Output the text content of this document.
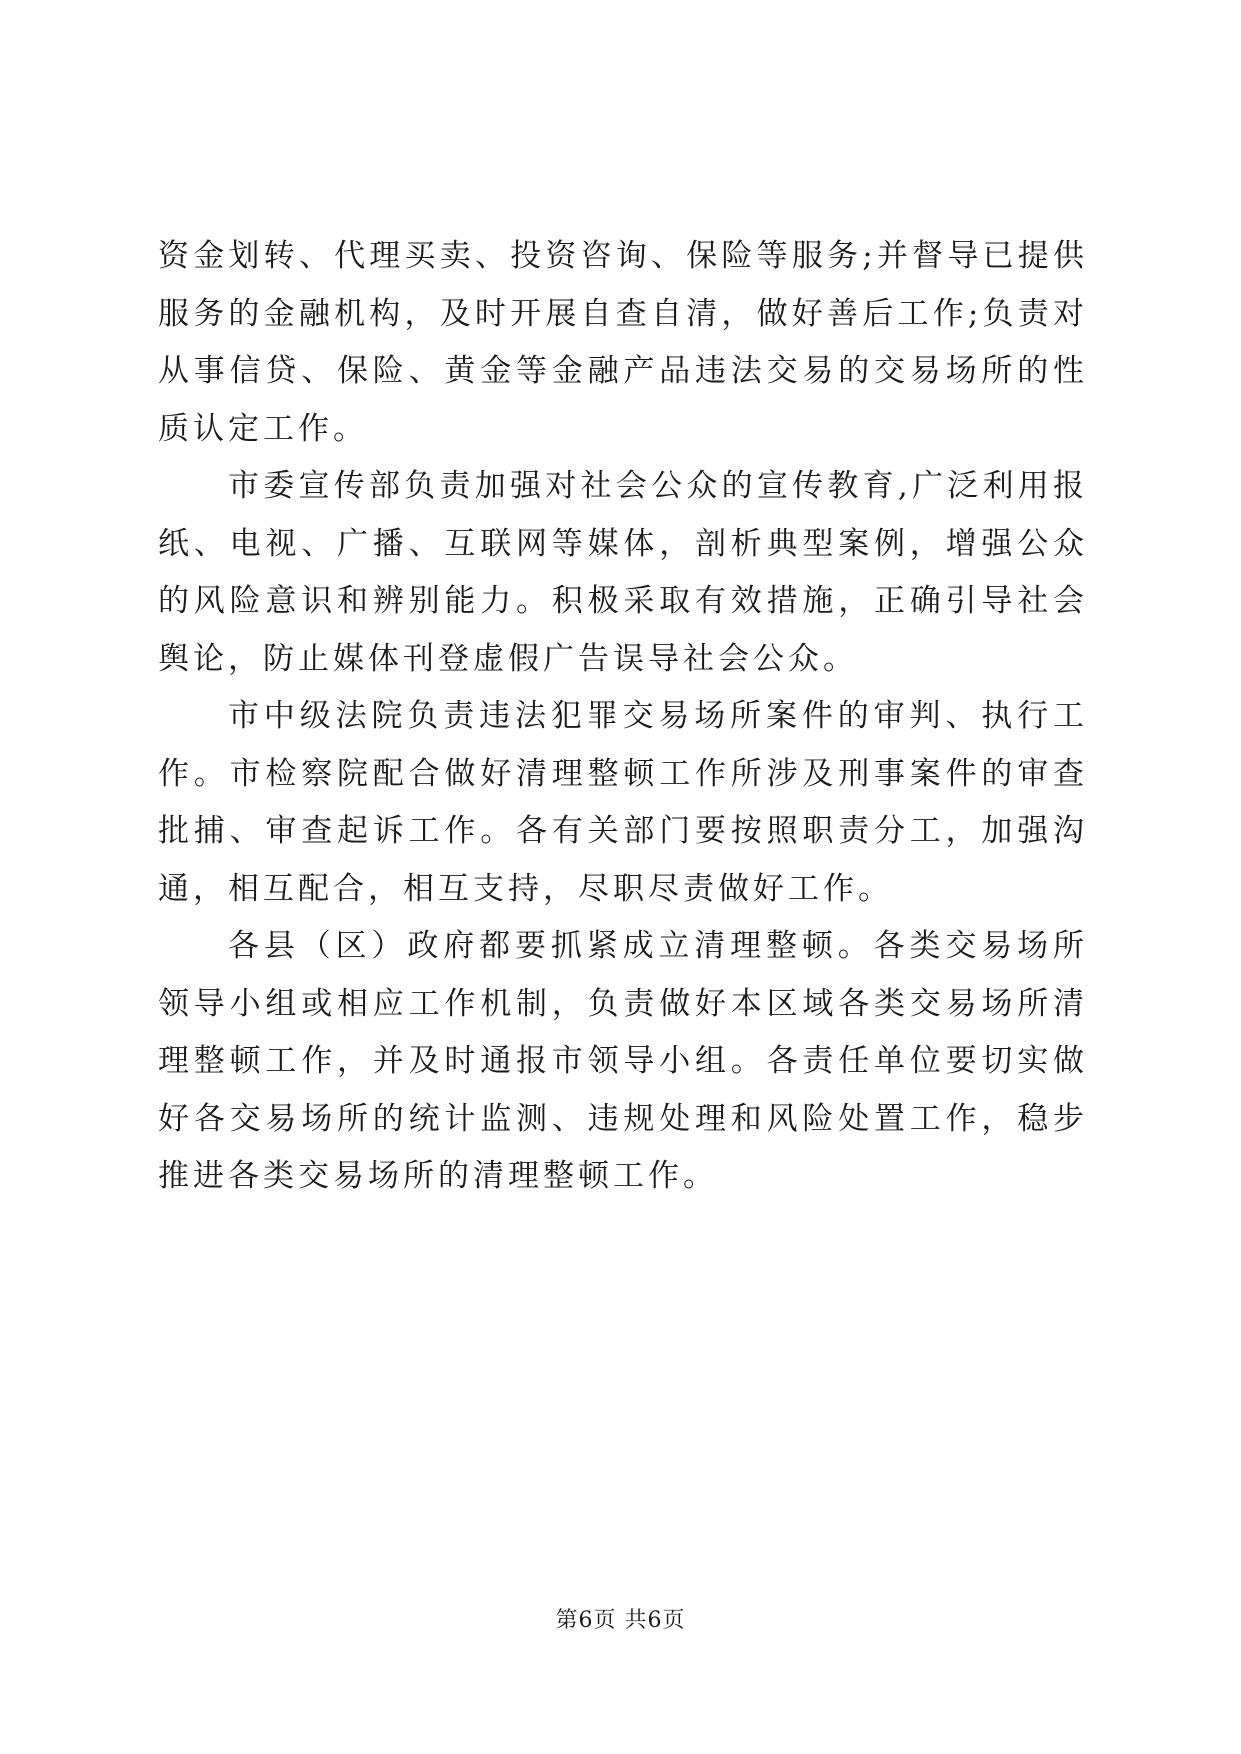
资金划转、代理买卖、投资咨询、保险等服务;并督导已提供服务的金融机构，及时开展自查自清，做好善后工作;负责对从事信贷、保险、黄金等金融产品违法交易的交易场所的性质认定工作。

市委宣传部负责加强对社会公众的宣传教育,广泛利用报纸、电视、广播、互联网等媒体，剖析典型案例，增强公众的风险意识和辨别能力。积极采取有效措施，正确引导社会舆论，防止媒体刊登虚假广告误导社会公众。

市中级法院负责违法犯罪交易场所案件的审判、执行工作。市检察院配合做好清理整顿工作所涉及刑事案件的审查批捕、审查起诉工作。各有关部门要按照职责分工，加强沟通，相互配合，相互支持，尽职尽责做好工作。

各县（区）政府都要抓紧成立清理整顿。各类交易场所领导小组或相应工作机制，负责做好本区域各类交易场所清理整顿工作，并及时通报市领导小组。各责任单位要切实做好各交易场所的统计监测、违规处理和风险处置工作，稳步推进各类交易场所的清理整顿工作。

第6页 共6页
